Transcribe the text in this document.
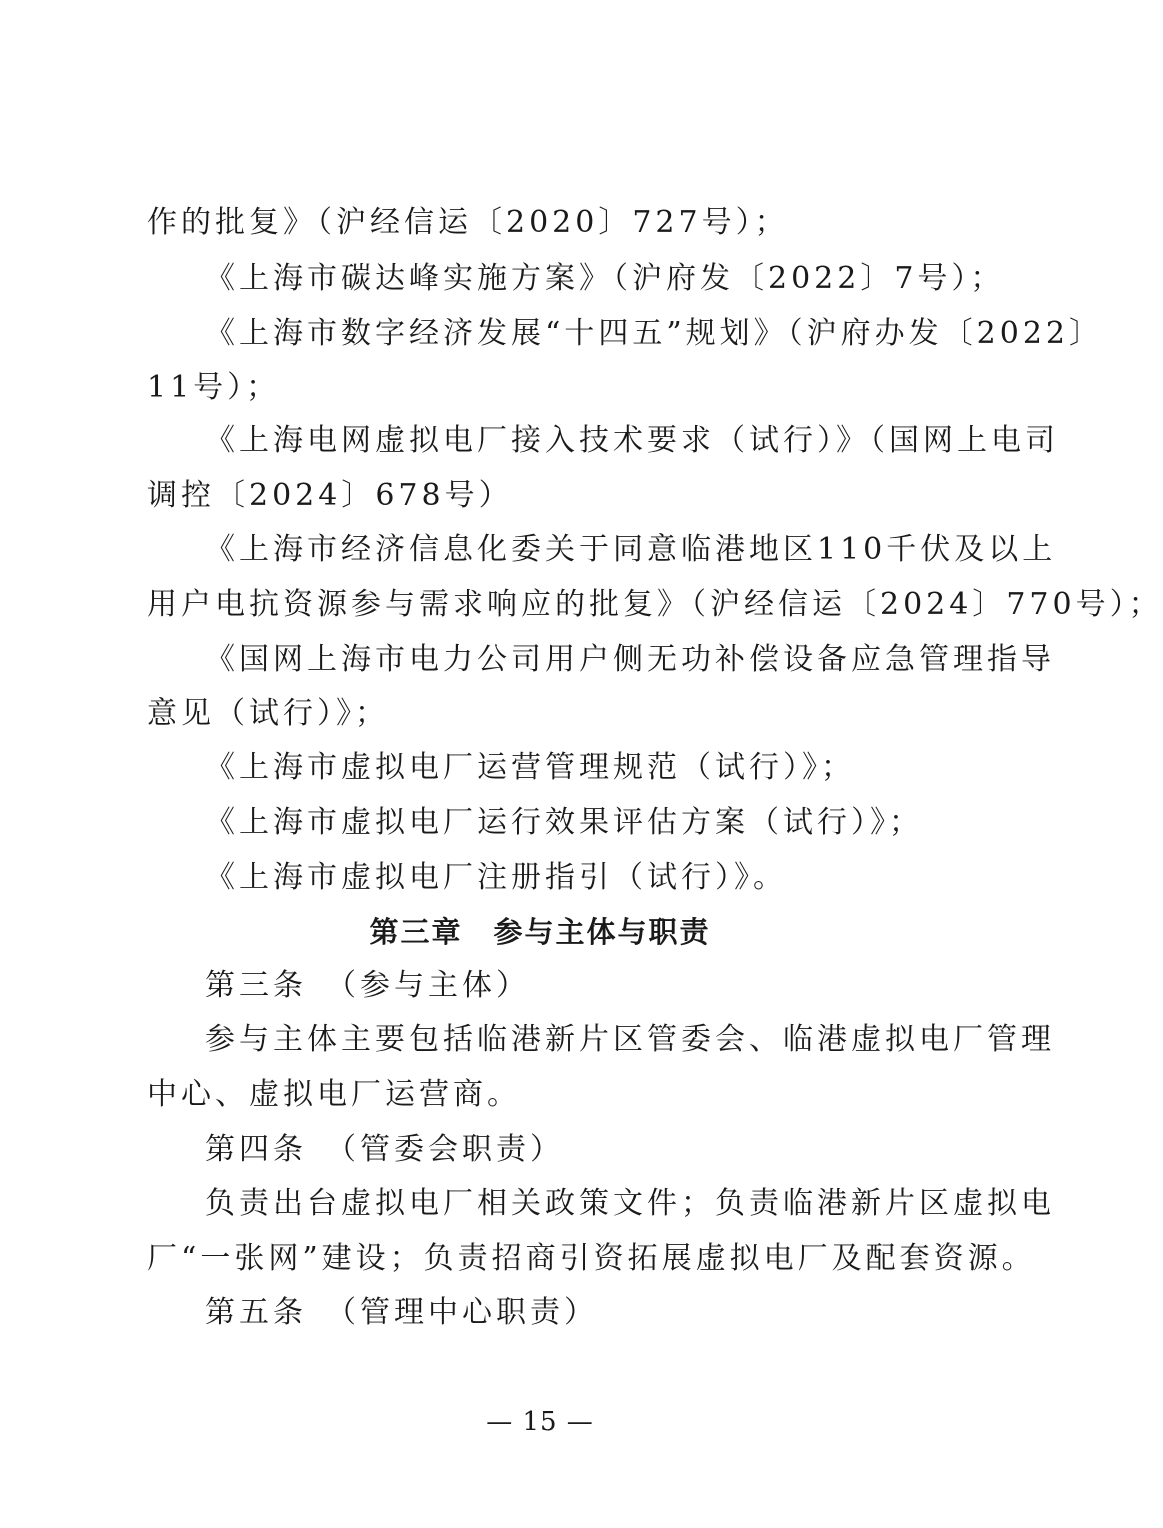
作的批复》（沪经信运〔2020〕727号）；
《上海市碳达峰实施方案》（沪府发〔2022〕7号）；
《上海市数字经济发展“十四五”规划》（沪府办发〔2022〕
11号）；
《上海电网虚拟电厂接入技术要求（试行）》（国网上电司
调控〔2024〕678号）
《上海市经济信息化委关于同意临港地区110千伏及以上
用户电抗资源参与需求响应的批复》（沪经信运〔2024〕770号）；
《国网上海市电力公司用户侧无功补偿设备应急管理指导
意见（试行）》；
《上海市虚拟电厂运营管理规范（试行）》；
《上海市虚拟电厂运行效果评估方案（试行）》；
《上海市虚拟电厂注册指引（试行）》。
第三章　参与主体与职责
第三条　（参与主体）
参与主体主要包括临港新片区管委会、临港虚拟电厂管理
中心、虚拟电厂运营商。
第四条　（管委会职责）
负责出台虚拟电厂相关政策文件；负责临港新片区虚拟电
厂“一张网”建设；负责招商引资拓展虚拟电厂及配套资源。
第五条　（管理中心职责）
— 15 —
